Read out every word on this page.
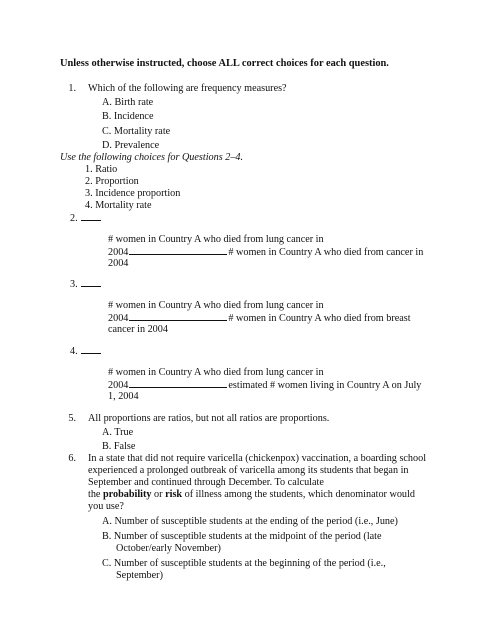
Unless otherwise instructed, choose ALL correct choices for each question.
1. Which of the following are frequency measures?
A. Birth rate
B. Incidence
C. Mortality rate
D. Prevalence
Use the following choices for Questions 2–4.
1. Ratio
2. Proportion
3. Incidence proportion
4. Mortality rate
2.
# women in Country A who died from lung cancer in
2004	# women in Country A who died from cancer in
2004
3.
# women in Country A who died from lung cancer in
2004	# women in Country A who died from breast
cancer in 2004
4.
# women in Country A who died from lung cancer in
2004	estimated # women living in Country A on July
1, 2004
5. All proportions are ratios, but not all ratios are proportions.
A. True
B. False
6. In a state that did not require varicella (chickenpox) vaccination, a boarding school
experienced a prolonged outbreak of varicella among its students that began in
September and continued through December. To calculate
the probability or risk of illness among the students, which denominator would
you use?
A. Number of susceptible students at the ending of the period (i.e., June)
B. Number of susceptible students at the midpoint of the period (late
October/early November)
C. Number of susceptible students at the beginning of the period (i.e.,
September)
